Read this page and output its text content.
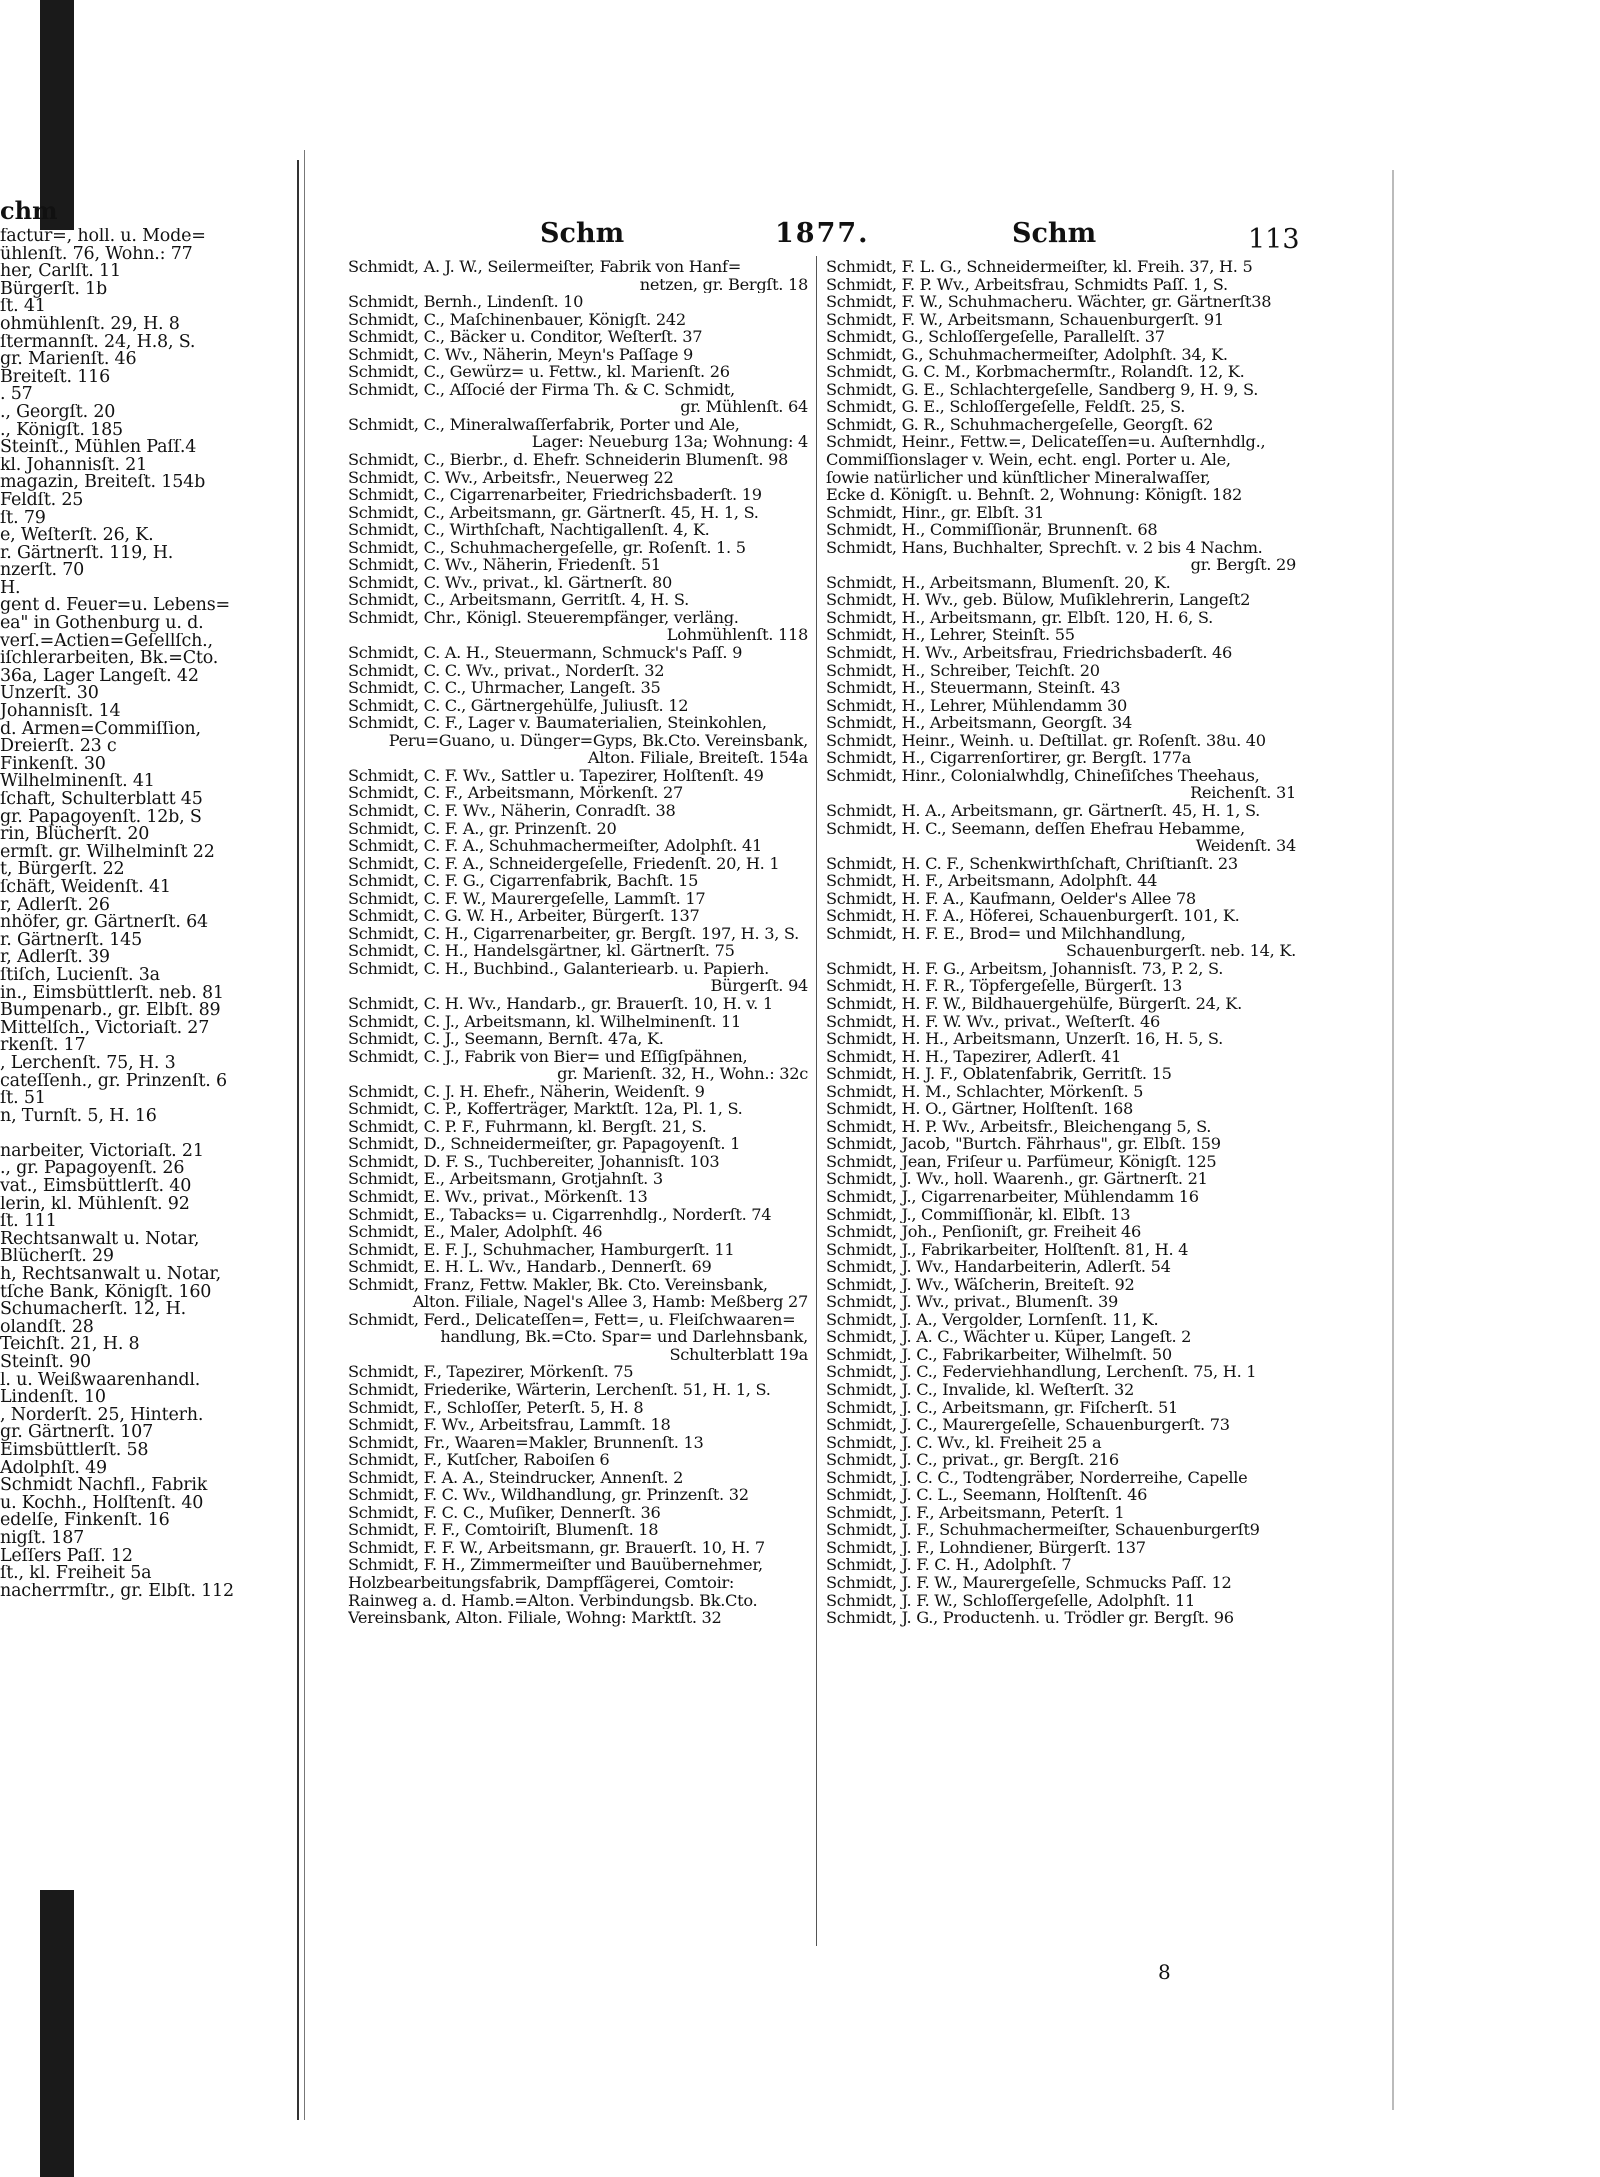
chm
factur=, holl. u. Mode=
ühlenſt. 76, Wohn.: 77
her, Carlſt. 11
Bürgerſt. 1b
ſt. 41
ohmühlenſt. 29, H. 8
ſtermannſt. 24, H.8, S.
gr. Marienſt. 46
Breiteſt. 116
. 57
., Georgſt. 20
., Königſt. 185
Steinſt., Mühlen Paſſ.4
kl. Johannisſt. 21
magazin, Breiteſt. 154b
Feldſt. 25
ſt. 79
e, Weſterſt. 26, K.
r. Gärtnerſt. 119, H.
nzerſt. 70
H.
gent d. Feuer=u. Lebens=
ea" in Gothenburg u. d.
verſ.=Actien=Geſellſch.,
iſchlerarbeiten, Bk.=Cto.
36a, Lager Langeſt. 42
Unzerſt. 30
Johannisſt. 14
d. Armen=Commiſſion,
Dreierſt. 23 c
Finkenſt. 30
Wilhelminenſt. 41
ſchaft, Schulterblatt 45
gr. Papagoyenſt. 12b, S
rin, Blücherſt. 20
ermſt. gr. Wilhelminſt 22
t, Bürgerſt. 22
ſchäft, Weidenſt. 41
r, Adlerſt. 26
nhöfer, gr. Gärtnerſt. 64
r. Gärtnerſt. 145
r, Adlerſt. 39
ſtiſch, Lucienſt. 3a
in., Eimsbüttlerſt. neb. 81
Bumpenarb., gr. Elbſt. 89
Mittelſch., Victoriaſt. 27
rkenſt. 17
, Lerchenſt. 75, H. 3
cateſſenh., gr. Prinzenſt. 6
ſt. 51
n, Turnſt. 5, H. 16

narbeiter, Victoriaſt. 21
., gr. Papagoyenſt. 26
vat., Eimsbüttlerſt. 40
lerin, kl. Mühlenſt. 92
ſt. 111
Rechtsanwalt u. Notar,
Blücherſt. 29
h, Rechtsanwalt u. Notar,
tſche Bank, Königſt. 160
Schumacherſt. 12, H.
olandſt. 28
Teichſt. 21, H. 8
Steinſt. 90
l. u. Weißwaarenhandl.
Lindenſt. 10
, Norderſt. 25, Hinterh.
gr. Gärtnerſt. 107
Eimsbüttlerſt. 58
Adolphſt. 49
Schmidt Nachfl., Fabrik
u. Kochh., Holſtenſt. 40
edelſe, Finkenſt. 16
nigſt. 187
Leſſers Paſſ. 12
ſt., kl. Freiheit 5a
nacherrmſtr., gr. Elbſt. 112
Schm	1877.	Schm	113
Schmidt, A. J. W., Seilermeiſter, Fabrik von Hanf=
netzen, gr. Bergſt. 18
Schmidt, Bernh., Lindenſt. 10
Schmidt, C., Maſchinenbauer, Königſt. 242
Schmidt, C., Bäcker u. Conditor, Weſterſt. 37
Schmidt, C. Wv., Näherin, Meyn's Paſſage 9
Schmidt, C., Gewürz= u. Fettw., kl. Marienſt. 26
Schmidt, C., Aſſocié der Firma Th. & C. Schmidt,
gr. Mühlenſt. 64
Schmidt, C., Mineralwaſſerfabrik, Porter und Ale,
Lager: Neueburg 13a; Wohnung: 4
Schmidt, C., Bierbr., d. Ehefr. Schneiderin Blumenſt. 98
Schmidt, C. Wv., Arbeitsfr., Neuerweg 22
Schmidt, C., Cigarrenarbeiter, Friedrichsbaderſt. 19
Schmidt, C., Arbeitsmann, gr. Gärtnerſt. 45, H. 1, S.
Schmidt, C., Wirthſchaft, Nachtigallenſt. 4, K.
Schmidt, C., Schuhmachergeſelle, gr. Roſenſt. 1. 5
Schmidt, C. Wv., Näherin, Friedenſt. 51
Schmidt, C. Wv., privat., kl. Gärtnerſt. 80
Schmidt, C., Arbeitsmann, Gerritſt. 4, H. S.
Schmidt, Chr., Königl. Steuerempfänger, verläng.
Lohmühlenſt. 118
Schmidt, C. A. H., Steuermann, Schmuck's Paſſ. 9
Schmidt, C. C. Wv., privat., Norderſt. 32
Schmidt, C. C., Uhrmacher, Langeſt. 35
Schmidt, C. C., Gärtnergehülfe, Juliusſt. 12
Schmidt, C. F., Lager v. Baumaterialien, Steinkohlen,
Peru=Guano, u. Dünger=Gyps, Bk.Cto. Vereinsbank,
Alton. Filiale, Breiteſt. 154a
Schmidt, C. F. Wv., Sattler u. Tapezirer, Holſtenſt. 49
Schmidt, C. F., Arbeitsmann, Mörkenſt. 27
Schmidt, C. F. Wv., Näherin, Conradſt. 38
Schmidt, C. F. A., gr. Prinzenſt. 20
Schmidt, C. F. A., Schuhmachermeiſter, Adolphſt. 41
Schmidt, C. F. A., Schneidergeſelle, Friedenſt. 20, H. 1
Schmidt, C. F. G., Cigarrenfabrik, Bachſt. 15
Schmidt, C. F. W., Maurergeſelle, Lammſt. 17
Schmidt, C. G. W. H., Arbeiter, Bürgerſt. 137
Schmidt, C. H., Cigarrenarbeiter, gr. Bergſt. 197, H. 3, S.
Schmidt, C. H., Handelsgärtner, kl. Gärtnerſt. 75
Schmidt, C. H., Buchbind., Galanteriearb. u. Papierh.
Bürgerſt. 94
Schmidt, C. H. Wv., Handarb., gr. Brauerſt. 10, H. v. 1
Schmidt, C. J., Arbeitsmann, kl. Wilhelminenſt. 11
Schmidt, C. J., Seemann, Bernſt. 47a, K.
Schmidt, C. J., Fabrik von Bier= und Eſſigſpähnen,
gr. Marienſt. 32, H., Wohn.: 32c
Schmidt, C. J. H. Ehefr., Näherin, Weidenſt. 9
Schmidt, C. P., Kofferträger, Marktſt. 12a, Pl. 1, S.
Schmidt, C. P. F., Fuhrmann, kl. Bergſt. 21, S.
Schmidt, D., Schneidermeiſter, gr. Papagoyenſt. 1
Schmidt, D. F. S., Tuchbereiter, Johannisſt. 103
Schmidt, E., Arbeitsmann, Grotjahnſt. 3
Schmidt, E. Wv., privat., Mörkenſt. 13
Schmidt, E., Tabacks= u. Cigarrenhdlg., Norderſt. 74
Schmidt, E., Maler, Adolphſt. 46
Schmidt, E. F. J., Schuhmacher, Hamburgerſt. 11
Schmidt, E. H. L. Wv., Handarb., Dennerſt. 69
Schmidt, Franz, Fettw. Makler, Bk. Cto. Vereinsbank,
Alton. Filiale, Nagel's Allee 3, Hamb: Meßberg 27
Schmidt, Ferd., Delicateſſen=, Fett=, u. Fleiſchwaaren=
handlung, Bk.=Cto. Spar= und Darlehnsbank,
Schulterblatt 19a
Schmidt, F., Tapezirer, Mörkenſt. 75
Schmidt, Friederike, Wärterin, Lerchenſt. 51, H. 1, S.
Schmidt, F., Schloſſer, Peterſt. 5, H. 8
Schmidt, F. Wv., Arbeitsfrau, Lammſt. 18
Schmidt, Fr., Waaren=Makler, Brunnenſt. 13
Schmidt, F., Kutſcher, Raboiſen 6
Schmidt, F. A. A., Steindrucker, Annenſt. 2
Schmidt, F. C. Wv., Wildhandlung, gr. Prinzenſt. 32
Schmidt, F. C. C., Muſiker, Dennerſt. 36
Schmidt, F. F., Comtoiriſt, Blumenſt. 18
Schmidt, F. F. W., Arbeitsmann, gr. Brauerſt. 10, H. 7
Schmidt, F. H., Zimmermeiſter und Bauübernehmer,
Holzbearbeitungsfabrik, Dampfſägerei, Comtoir:
Rainweg a. d. Hamb.=Alton. Verbindungsb. Bk.Cto.
Vereinsbank, Alton. Filiale, Wohng: Marktſt. 32
Schmidt, F. L. G., Schneidermeiſter, kl. Freih. 37, H. 5
Schmidt, F. P. Wv., Arbeitsfrau, Schmidts Paſſ. 1, S.
Schmidt, F. W., Schuhmacheru. Wächter, gr. Gärtnerſt38
Schmidt, F. W., Arbeitsmann, Schauenburgerſt. 91
Schmidt, G., Schloſſergeſelle, Parallelſt. 37
Schmidt, G., Schuhmachermeiſter, Adolphſt. 34, K.
Schmidt, G. C. M., Korbmachermſtr., Rolandſt. 12, K.
Schmidt, G. E., Schlachtergeſelle, Sandberg 9, H. 9, S.
Schmidt, G. E., Schloſſergeſelle, Feldſt. 25, S.
Schmidt, G. R., Schuhmachergeſelle, Georgſt. 62
Schmidt, Heinr., Fettw.=, Delicateſſen=u. Auſternhdlg.,
Commiſſionslager v. Wein, echt. engl. Porter u. Ale,
ſowie natürlicher und künſtlicher Mineralwaſſer,
Ecke d. Königſt. u. Behnſt. 2, Wohnung: Königſt. 182
Schmidt, Hinr., gr. Elbſt. 31
Schmidt, H., Commiſſionär, Brunnenſt. 68
Schmidt, Hans, Buchhalter, Sprechſt. v. 2 bis 4 Nachm.
gr. Bergſt. 29
Schmidt, H., Arbeitsmann, Blumenſt. 20, K.
Schmidt, H. Wv., geb. Bülow, Muſiklehrerin, Langeſt2
Schmidt, H., Arbeitsmann, gr. Elbſt. 120, H. 6, S.
Schmidt, H., Lehrer, Steinſt. 55
Schmidt, H. Wv., Arbeitsfrau, Friedrichsbaderſt. 46
Schmidt, H., Schreiber, Teichſt. 20
Schmidt, H., Steuermann, Steinſt. 43
Schmidt, H., Lehrer, Mühlendamm 30
Schmidt, H., Arbeitsmann, Georgſt. 34
Schmidt, Heinr., Weinh. u. Deſtillat. gr. Roſenſt. 38u. 40
Schmidt, H., Cigarrenſortirer, gr. Bergſt. 177a
Schmidt, Hinr., Colonialwhdlg, Chineſiſches Theehaus,
Reichenſt. 31
Schmidt, H. A., Arbeitsmann, gr. Gärtnerſt. 45, H. 1, S.
Schmidt, H. C., Seemann, deſſen Ehefrau Hebamme,
Weidenſt. 34
Schmidt, H. C. F., Schenkwirthſchaft, Chriſtianſt. 23
Schmidt, H. F., Arbeitsmann, Adolphſt. 44
Schmidt, H. F. A., Kaufmann, Oelder's Allee 78
Schmidt, H. F. A., Höferei, Schauenburgerſt. 101, K.
Schmidt, H. F. E., Brod= und Milchhandlung,
Schauenburgerſt. neb. 14, K.
Schmidt, H. F. G., Arbeitsm, Johannisſt. 73, P. 2, S.
Schmidt, H. F. R., Töpfergeſelle, Bürgerſt. 13
Schmidt, H. F. W., Bildhauergehülfe, Bürgerſt. 24, K.
Schmidt, H. F. W. Wv., privat., Weſterſt. 46
Schmidt, H. H., Arbeitsmann, Unzerſt. 16, H. 5, S.
Schmidt, H. H., Tapezirer, Adlerſt. 41
Schmidt, H. J. F., Oblatenfabrik, Gerritſt. 15
Schmidt, H. M., Schlachter, Mörkenſt. 5
Schmidt, H. O., Gärtner, Holſtenſt. 168
Schmidt, H. P. Wv., Arbeitsfr., Bleichengang 5, S.
Schmidt, Jacob, "Burtch. Fährhaus", gr. Elbſt. 159
Schmidt, Jean, Friſeur u. Parfümeur, Königſt. 125
Schmidt, J. Wv., holl. Waarenh., gr. Gärtnerſt. 21
Schmidt, J., Cigarrenarbeiter, Mühlendamm 16
Schmidt, J., Commiſſionär, kl. Elbſt. 13
Schmidt, Joh., Penſioniſt, gr. Freiheit 46
Schmidt, J., Fabrikarbeiter, Holſtenſt. 81, H. 4
Schmidt, J. Wv., Handarbeiterin, Adlerſt. 54
Schmidt, J. Wv., Wäſcherin, Breiteſt. 92
Schmidt, J. Wv., privat., Blumenſt. 39
Schmidt, J. A., Vergolder, Lornſenſt. 11, K.
Schmidt, J. A. C., Wächter u. Küper, Langeſt. 2
Schmidt, J. C., Fabrikarbeiter, Wilhelmſt. 50
Schmidt, J. C., Federviehhandlung, Lerchenſt. 75, H. 1
Schmidt, J. C., Invalide, kl. Weſterſt. 32
Schmidt, J. C., Arbeitsmann, gr. Fiſcherſt. 51
Schmidt, J. C., Maurergeſelle, Schauenburgerſt. 73
Schmidt, J. C. Wv., kl. Freiheit 25 a
Schmidt, J. C., privat., gr. Bergſt. 216
Schmidt, J. C. C., Todtengräber, Norderreihe, Capelle
Schmidt, J. C. L., Seemann, Holſtenſt. 46
Schmidt, J. F., Arbeitsmann, Peterſt. 1
Schmidt, J. F., Schuhmachermeiſter, Schauenburgerſt9
Schmidt, J. F., Lohndiener, Bürgerſt. 137
Schmidt, J. F. C. H., Adolphſt. 7
Schmidt, J. F. W., Maurergeſelle, Schmucks Paſſ. 12
Schmidt, J. F. W., Schloſſergeſelle, Adolphſt. 11
Schmidt, J. G., Productenh. u. Trödler gr. Bergſt. 96
8
